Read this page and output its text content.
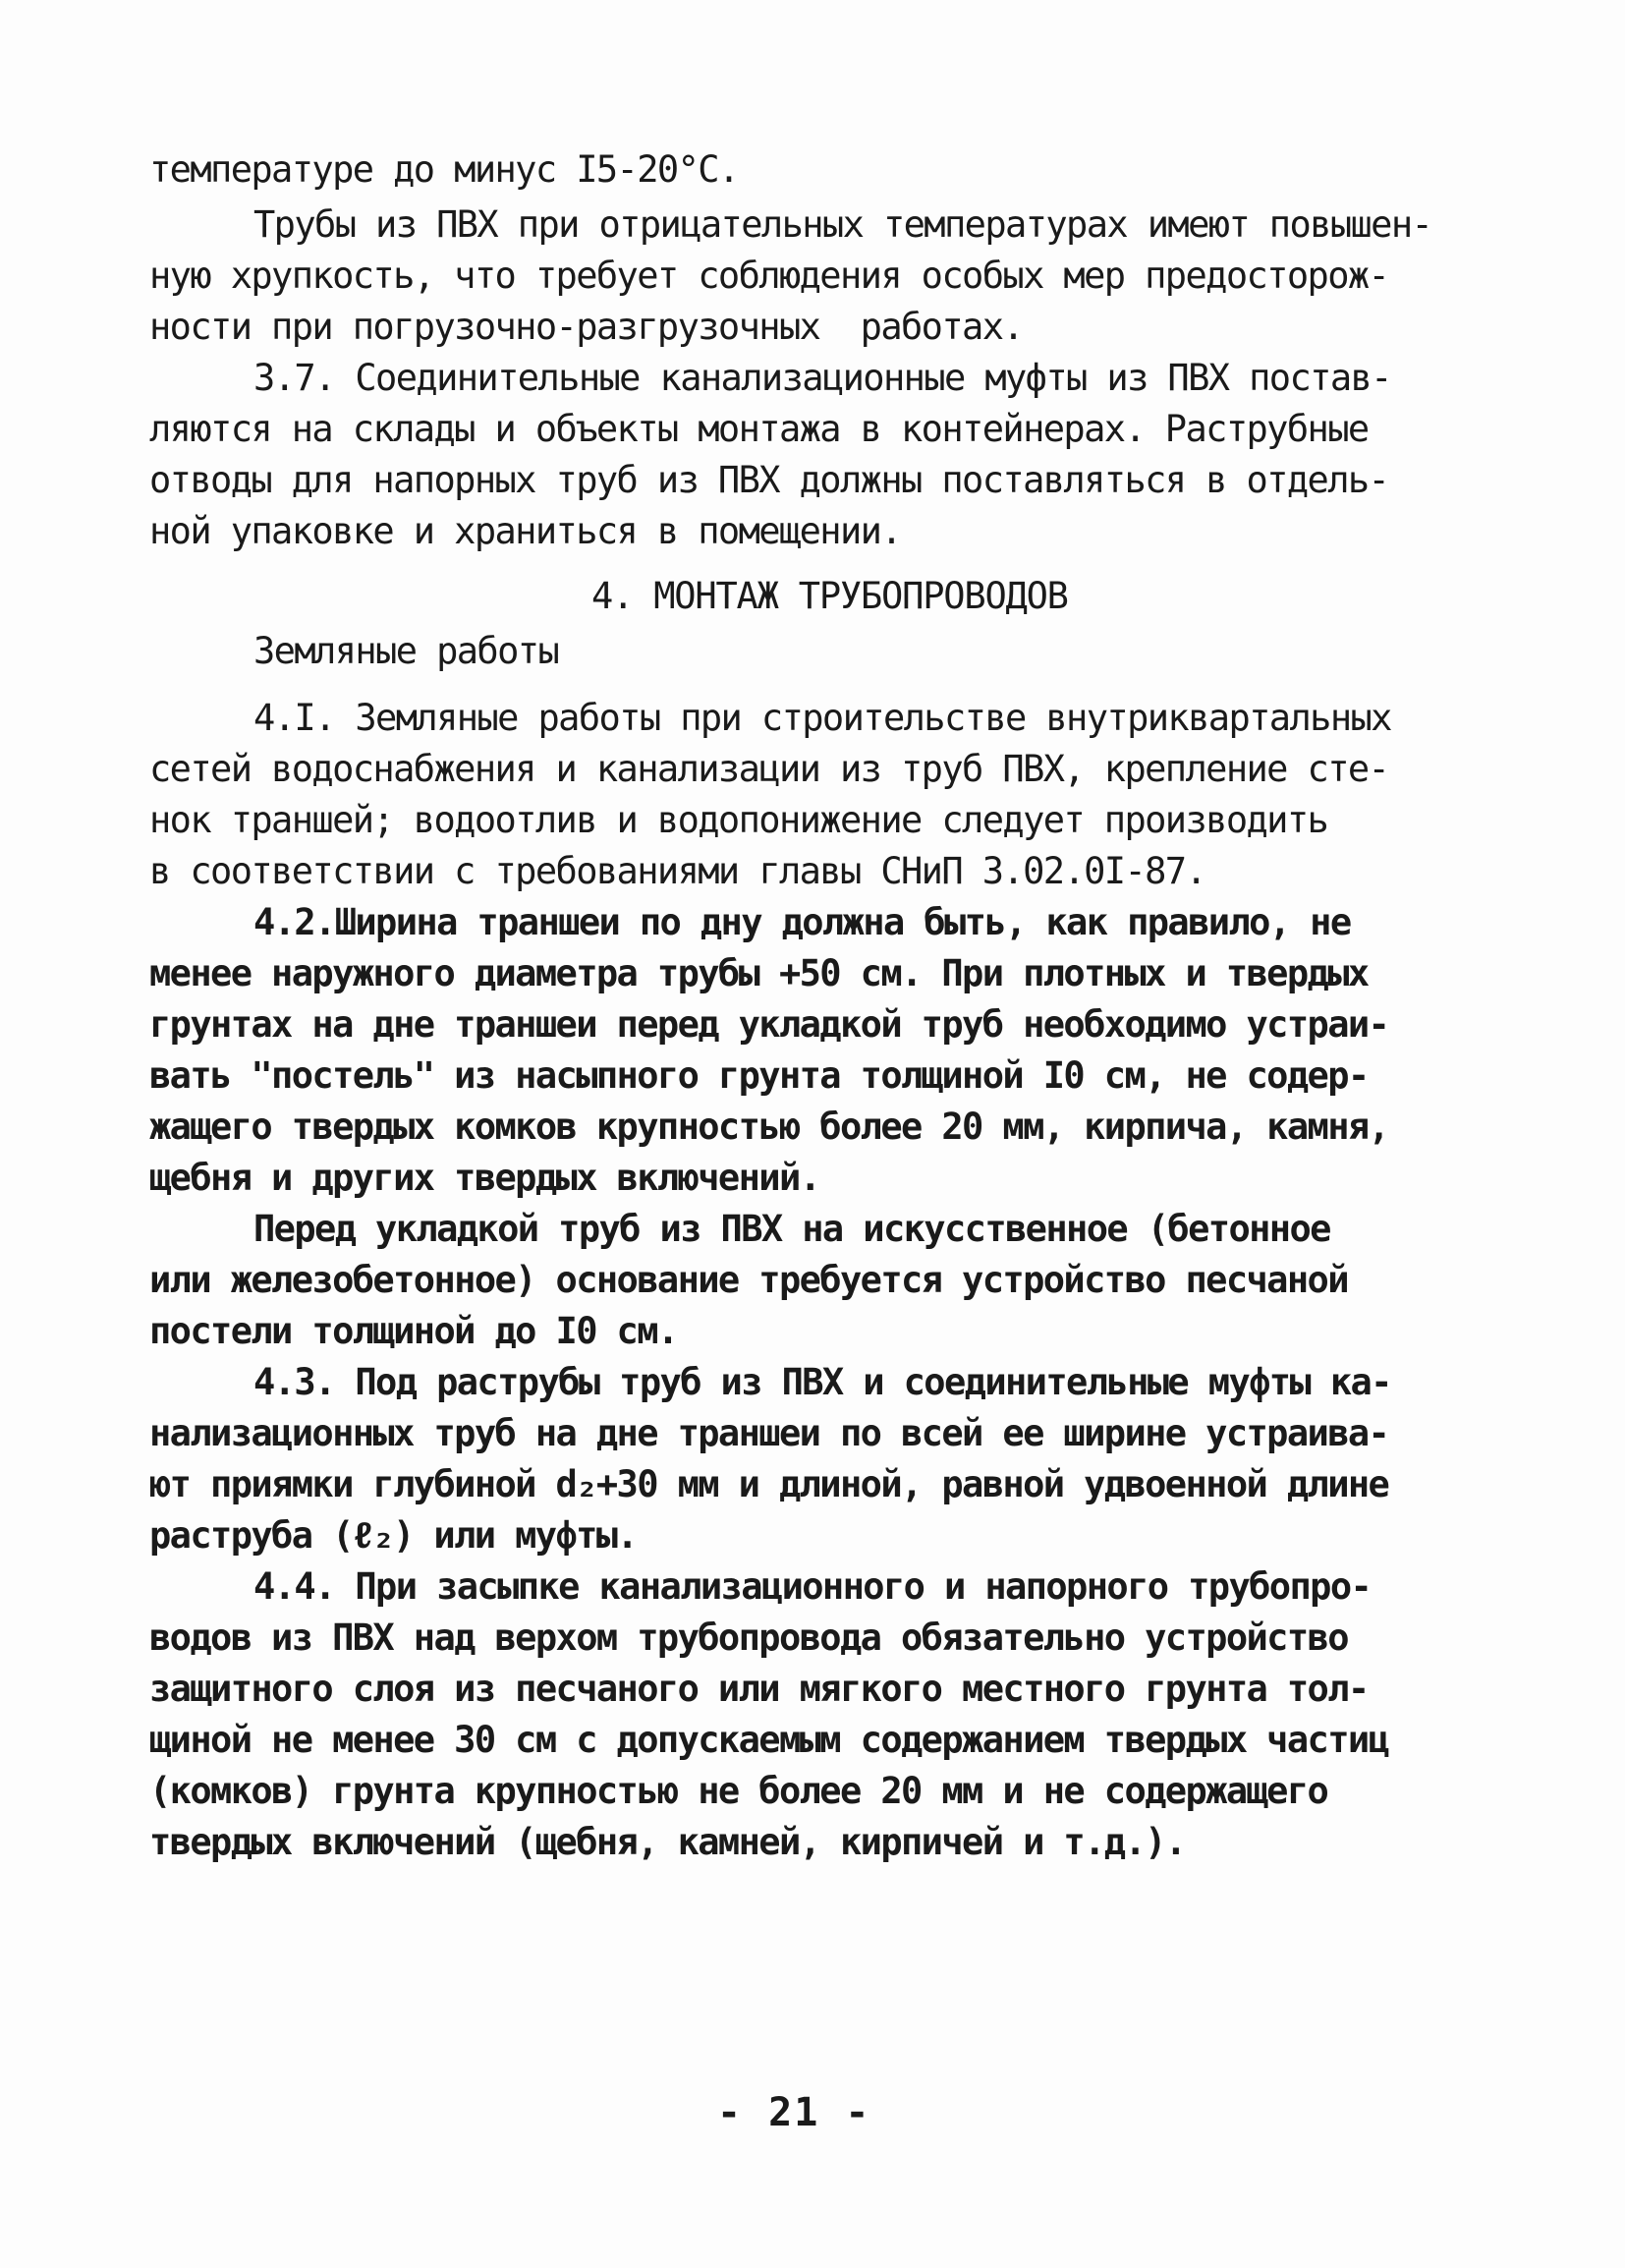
температуре до минус I5-20°C.
Трубы из ПВХ при отрицательных температурах имеют повышен-
ную хрупкость, что требует соблюдения особых мер предосторож-
ности при погрузочно-разгрузочных  работах.
3.7. Соединительные канализационные муфты из ПВХ постав-
ляются на склады и объекты монтажа в контейнерах. Раструбные
отводы для напорных труб из ПВХ должны поставляться в отдель-
ной упаковке и храниться в помещении.
4. МОНТАЖ ТРУБОПРОВОДОВ
Земляные работы
4.I. Земляные работы при строительстве внутриквартальных
сетей водоснабжения и канализации из труб ПВХ, крепление сте-
нок траншей; водоотлив и водопонижение следует производить
в соответствии с требованиями главы СНиП 3.02.0I-87.
4.2.Ширина траншеи по дну должна быть, как правило, не
менее наружного диаметра трубы +50 см. При плотных и твердых
грунтах на дне траншеи перед укладкой труб необходимо устраи-
вать "постель" из насыпного грунта толщиной I0 см, не содер-
жащего твердых комков крупностью более 20 мм, кирпича, камня,
щебня и других твердых включений.
Перед укладкой труб из ПВХ на искусственное (бетонное
или железобетонное) основание требуется устройство песчаной
постели толщиной до I0 см.
4.3. Под раструбы труб из ПВХ и соединительные муфты ка-
нализационных труб на дне траншеи по всей ее ширине устраива-
ют приямки глубиной d₂+30 мм и длиной, равной удвоенной длине
раструба (ℓ₂) или муфты.
4.4. При засыпке канализационного и напорного трубопро-
водов из ПВХ над верхом трубопровода обязательно устройство
защитного слоя из песчаного или мягкого местного грунта тол-
щиной не менее 30 см с допускаемым содержанием твердых частиц
(комков) грунта крупностью не более 20 мм и не содержащего
твердых включений (щебня, камней, кирпичей и т.д.).
- 21 -
